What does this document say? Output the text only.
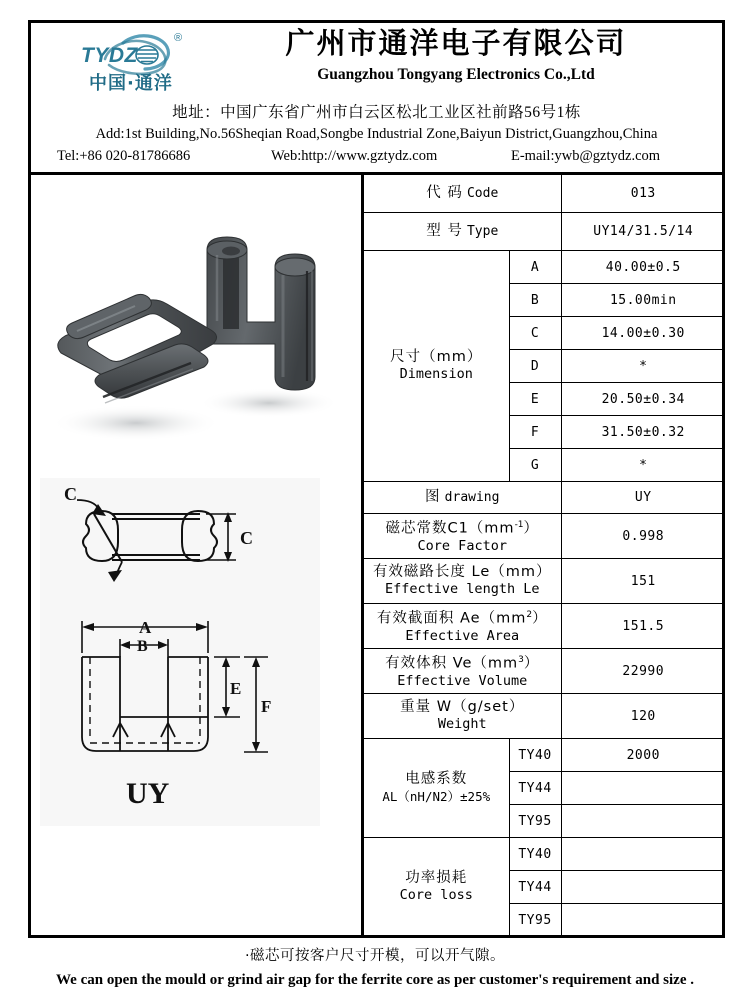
TYDZ
®
中国·通洋
广州市通洋电子有限公司
Guangzhou Tongyang Electronics Co.,Ltd
地址：中国广东省广州市白云区松北工业区社前路56号1栋
Add:1st Building,No.56Sheqian Road,Songbe Industrial Zone,Baiyun District,Guangzhou,China
Tel:+86 020-81786686	Web:http://www.gztydz.com	E-mail:ywb@gztydz.com
C
C
A
B
E
F
UY
代 码 Code		013
型 号 Type		UY14/31.5/14

尺寸（mm）
Dimension	A	40.00±0.5
	B	15.00min
	C	14.00±0.30
	D	*
	E	20.50±0.34
	F	31.50±0.32
	G	*
图 drawing		UY

磁芯常数$C1(mm^{-1})$
Core Factor		0.998

有效磁路长度 Le（mm）
Effective length Le		151

有效截面积 $Ae(mm^2)$
Effective Area		151.5

有效体积 $Ve(mm^3)$
Effective Volume		22990

重量 W（g/set）
Weight		120

电感系数
AL（nH/N2）±25%	TY40	2000
	TY44	
	TY95	

功率损耗
Core loss	TY40	
	TY44	
	TY95	
·磁芯可按客户尺寸开模，可以开气隙。
We can open the mould or grind air gap for the ferrite core as per customer's requirement and size .
